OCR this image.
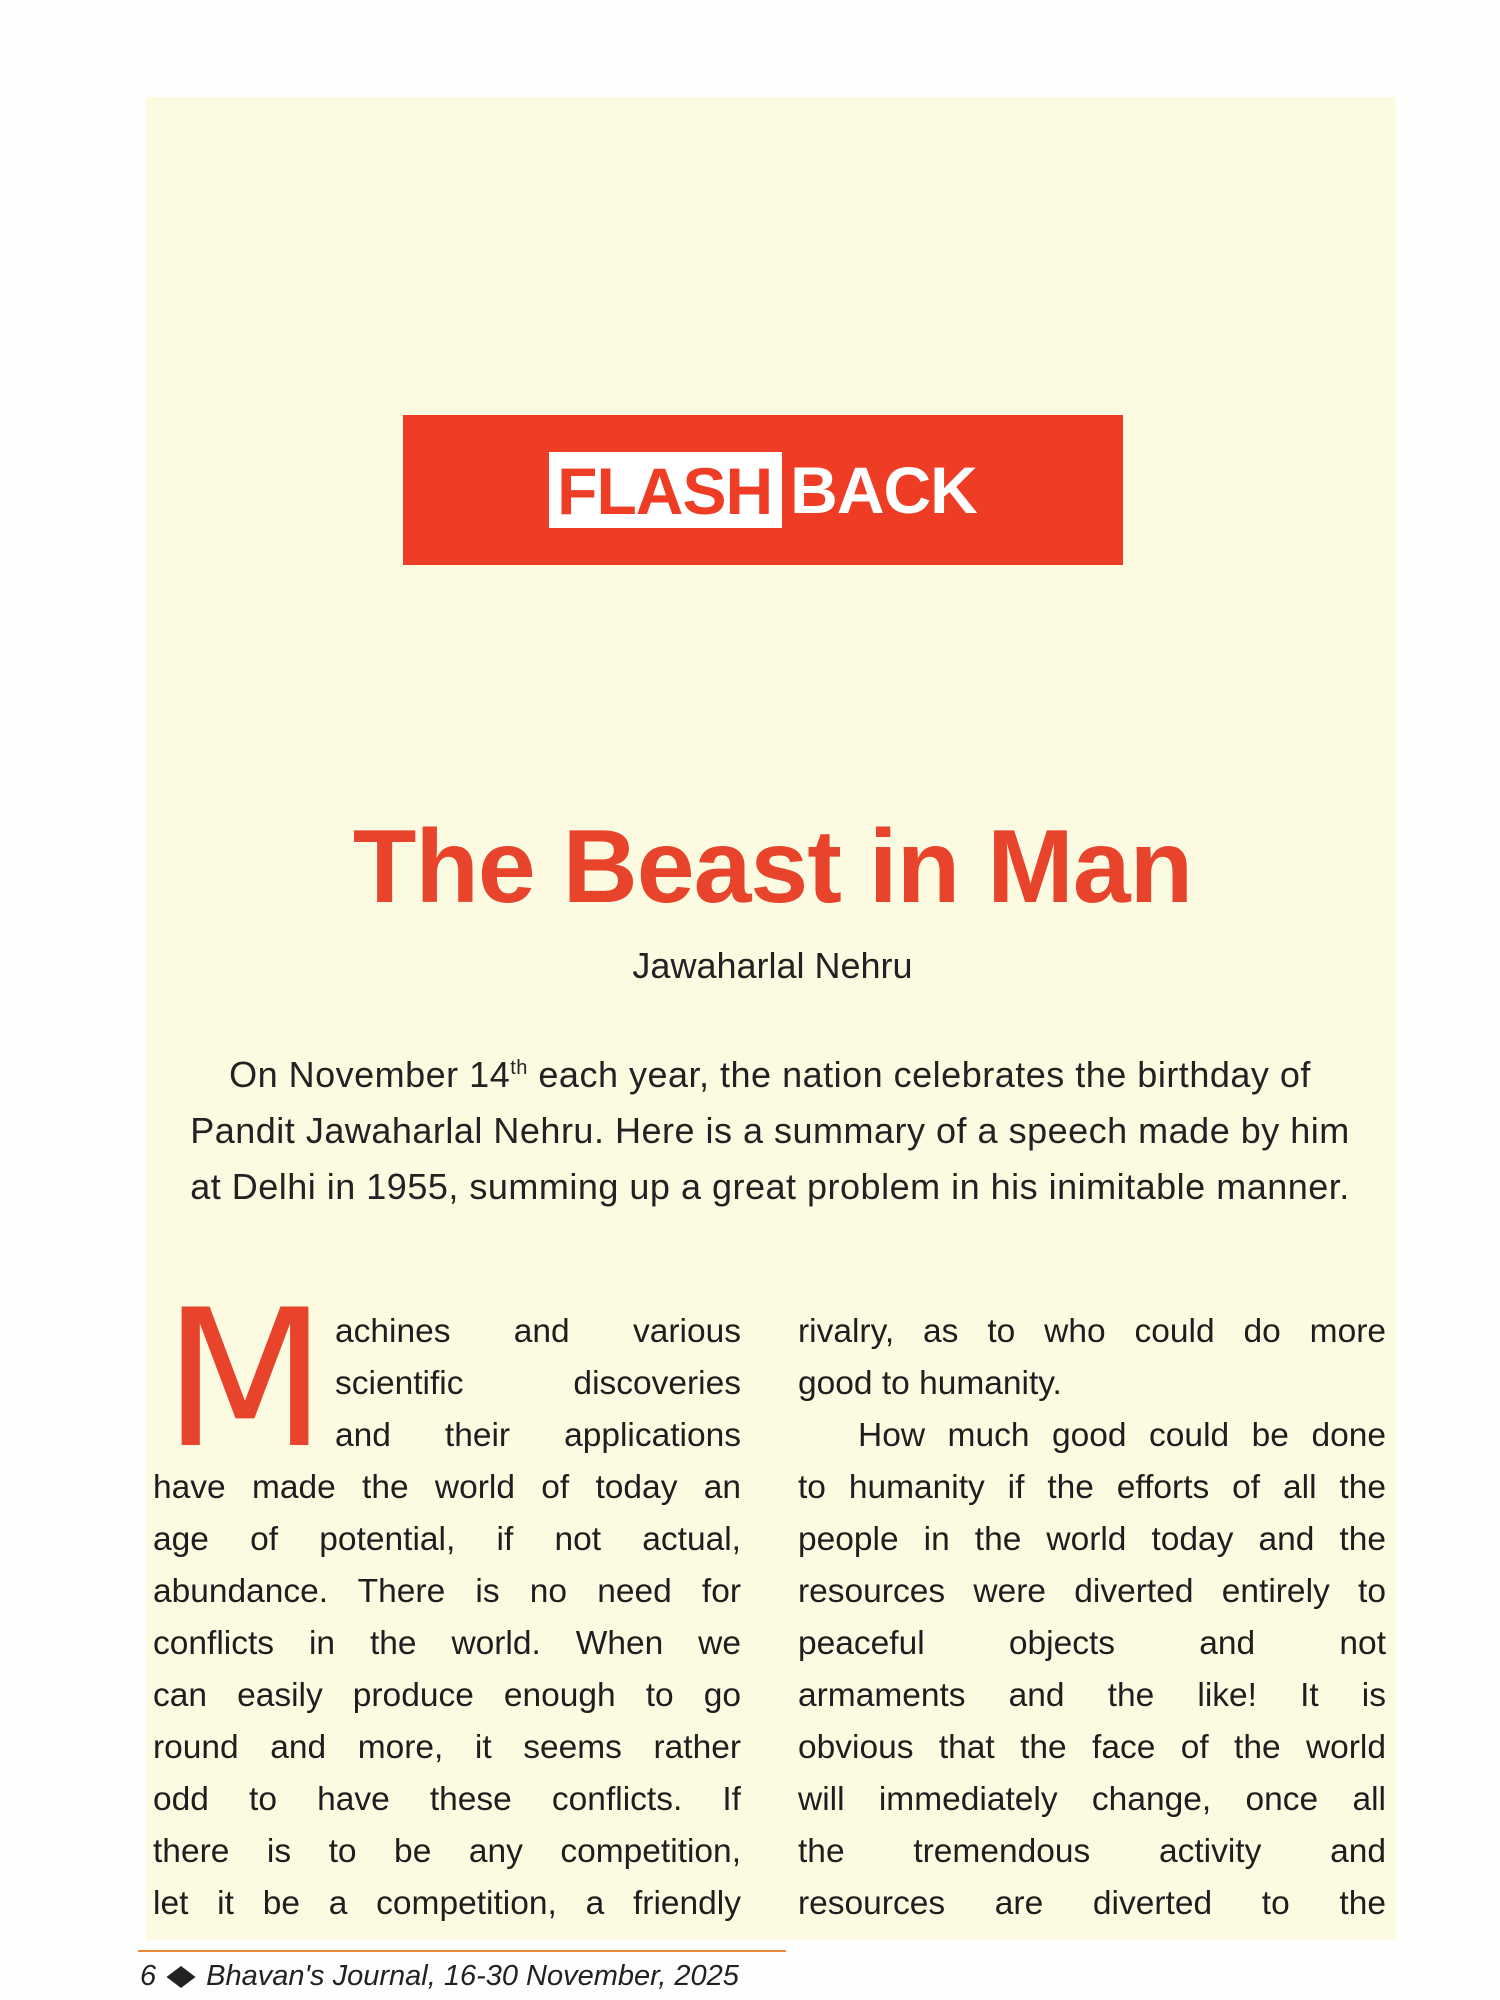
FLASH BACK
The Beast in Man
Jawaharlal Nehru
On November 14th each year, the nation celebrates the birthday of Pandit Jawaharlal Nehru. Here is a summary of a speech made by him at Delhi in 1955, summing up a great problem in his inimitable manner.
M achines and various
scientific discoveries
and their applications
have made the world of today an
age of potential, if not actual,
abundance. There is no need for
conflicts in the world. When we
can easily produce enough to go
round and more, it seems rather
odd to have these conflicts. If
there is to be any competition,
let it be a competition, a friendly
rivalry, as to who could do more
good to humanity.
How much good could be done
to humanity if the efforts of all the
people in the world today and the
resources were diverted entirely to
peaceful objects and not
armaments and the like! It is
obvious that the face of the world
will immediately change, once all
the tremendous activity and
resources are diverted to the
6 Bhavan's Journal, 16-30 November, 2025
